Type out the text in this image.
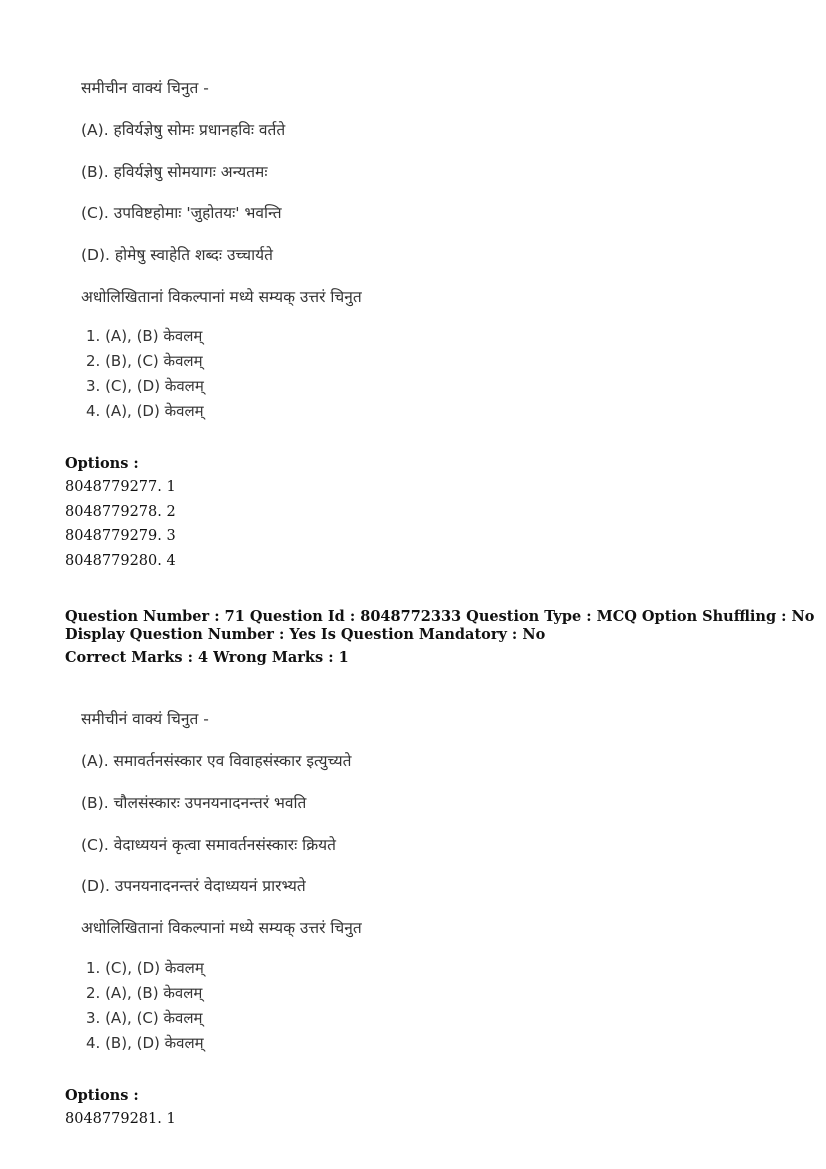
समीचीन वाक्यं चिनुत -
(A). हविर्यज्ञेषु सोमः प्रधानहविः वर्तते
(B). हविर्यज्ञेषु सोमयागः अन्यतमः
(C). उपविष्टहोमाः 'जुहोतयः' भवन्ति
(D). होमेषु स्वाहेति शब्दः उच्चार्यते
अधोलिखितानां विकल्पानां मध्ये सम्यक् उत्तरं चिनुत
1. (A), (B) केवलम्
2. (B), (C) केवलम्
3. (C), (D) केवलम्
4. (A), (D) केवलम्
Options :
8048779277. 1
8048779278. 2
8048779279. 3
8048779280. 4
Question Number : 71 Question Id : 8048772333 Question Type : MCQ Option Shuffling : No
Display Question Number : Yes Is Question Mandatory : No
Correct Marks : 4 Wrong Marks : 1
समीचीनं वाक्यं चिनुत -
(A). समावर्तनसंस्कार एव विवाहसंस्कार इत्युच्यते
(B). चौलसंस्कारः उपनयनादनन्तरं भवति
(C). वेदाध्ययनं कृत्वा समावर्तनसंस्कारः क्रियते
(D). उपनयनादनन्तरं वेदाध्ययनं प्रारभ्यते
अधोलिखितानां विकल्पानां मध्ये सम्यक् उत्तरं चिनुत
1. (C), (D) केवलम्
2. (A), (B) केवलम्
3. (A), (C) केवलम्
4. (B), (D) केवलम्
Options :
8048779281. 1
